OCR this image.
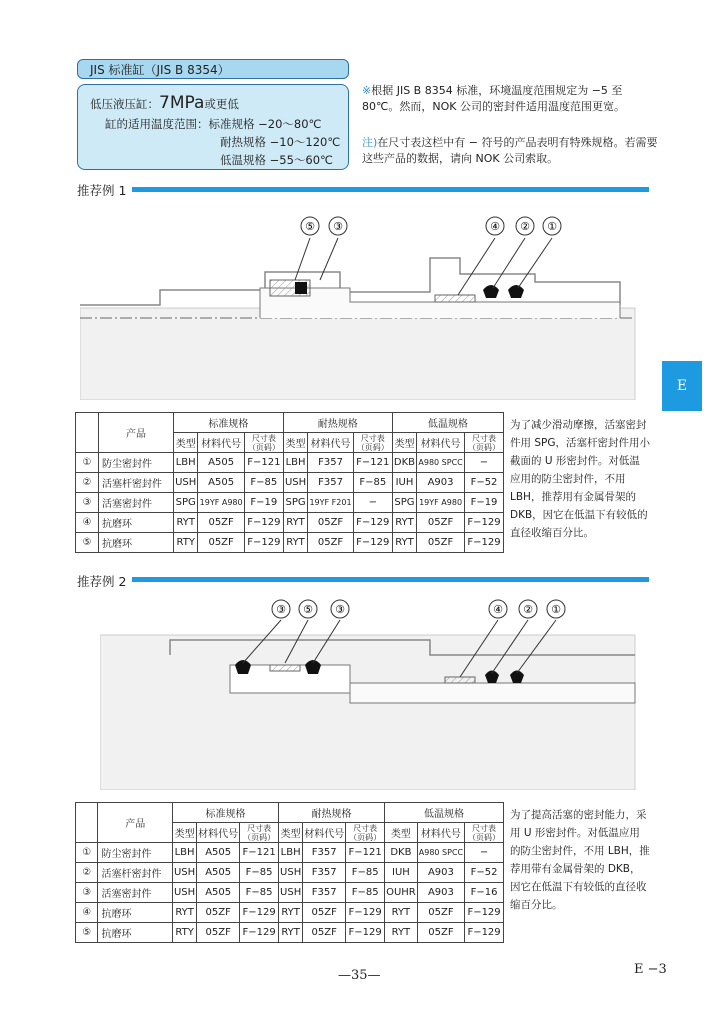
JIS 标准缸（JIS B 8354）
低压液压缸：7MPa或更低
缸的适用温度范围：标准规格 −20～80℃
耐热规格 −10～120℃
低温规格 −55～60℃
※根据 JIS B 8354 标准，环境温度范围规定为 −5 至 80℃。然而，NOK 公司的密封件适用温度范围更宽。
注)在尺寸表这栏中有 − 符号的产品表明有特殊规格。若需要这些产品的数据，请向 NOK 公司索取。
推荐例 1
E
⑤ ③	④ ② ①
	产品	标准规格			耐热规格			低温规格		
		类型	材料代号	尺寸表（页码）	类型	材料代号	尺寸表（页码）	类型	材料代号	尺寸表（页码）
①	防尘密封件	LBH	A505	F−121	LBH	F357	F−121	DKB	A980 SPCC	−
②	活塞杆密封件	USH	A505	F−85	USH	F357	F−85	IUH	A903	F−52
③	活塞密封件	SPG	19YF A980	F−19	SPG	19YF F201	−	SPG	19YF A980	F−19
④	抗磨环	RYT	05ZF	F−129	RYT	05ZF	F−129	RYT	05ZF	F−129
⑤	抗磨环	RTY	05ZF	F−129	RYT	05ZF	F−129	RYT	05ZF	F−129
为了减少滑动摩擦，活塞密封件用 SPG，活塞杆密封件用小截面的 U 形密封件。对低温应用的防尘密封件，不用 LBH，推荐用有金属骨架的 DKB，因它在低温下有较低的直径收缩百分比。
推荐例 2
③ ⑤ ③	④ ② ①
	产品	标准规格			耐热规格			低温规格		
		类型	材料代号	尺寸表（页码）	类型	材料代号	尺寸表（页码）	类型	材料代号	尺寸表（页码）
①	防尘密封件	LBH	A505	F−121	LBH	F357	F−121	DKB	A980 SPCC	−
②	活塞杆密封件	USH	A505	F−85	USH	F357	F−85	IUH	A903	F−52
③	活塞密封件	USH	A505	F−85	USH	F357	F−85	OUHR	A903	F−16
④	抗磨环	RYT	05ZF	F−129	RYT	05ZF	F−129	RYT	05ZF	F−129
⑤	抗磨环	RTY	05ZF	F−129	RYT	05ZF	F−129	RYT	05ZF	F−129
为了提高活塞的密封能力，采用 U 形密封件。对低温应用的防尘密封件，不用 LBH，推荐用带有金属骨架的 DKB，因它在低温下有较低的直径收缩百分比。
—35—	E −3
